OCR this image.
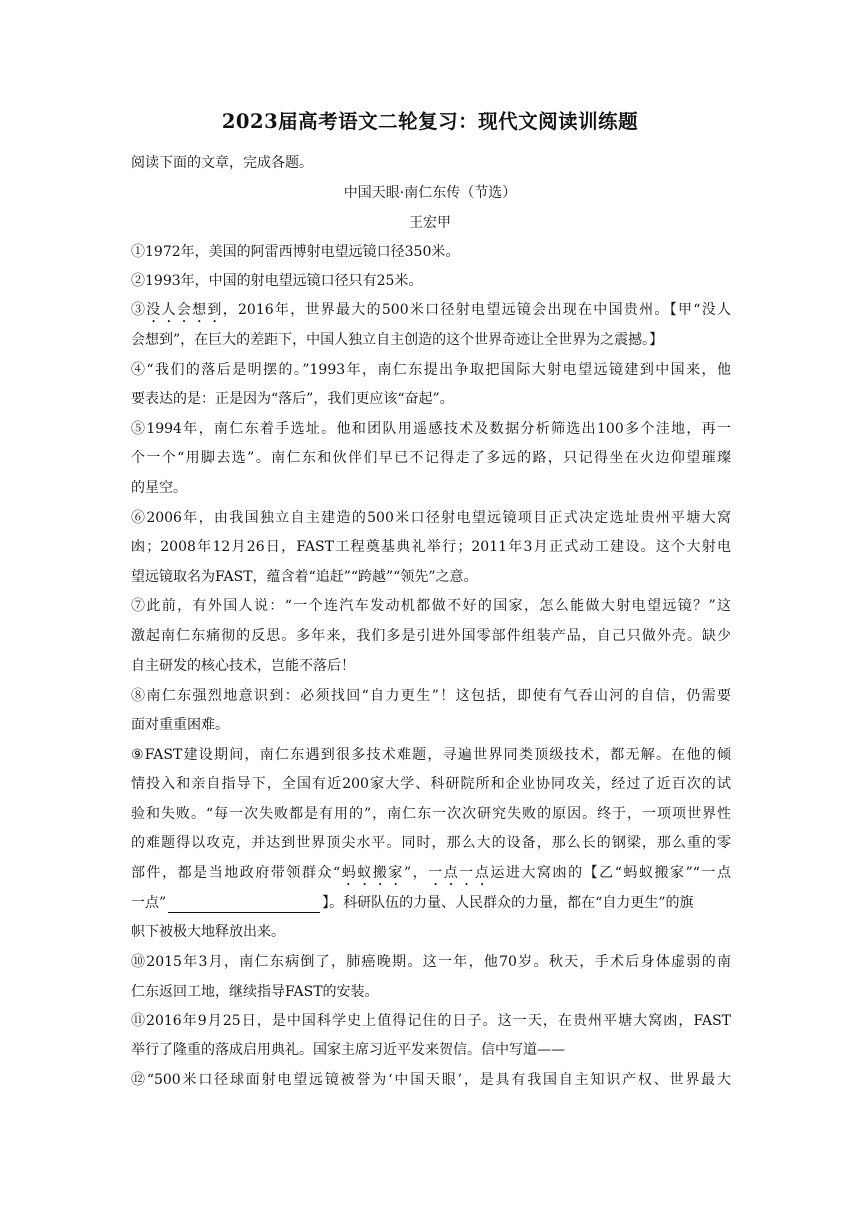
2023届高考语文二轮复习：现代文阅读训练题
阅读下面的文章，完成各题。
中国天眼·南仁东传（节选）
王宏甲
①1972年，美国的阿雷西博射电望远镜口径350米。
②1993年，中国的射电望远镜口径只有25米。
③没人会想到，2016年，世界最大的500米口径射电望远镜会出现在中国贵州。【甲“没人
会想到”，在巨大的差距下，中国人独立自主创造的这个世界奇迹让全世界为之震撼。】
④“我们的落后是明摆的。”1993年，南仁东提出争取把国际大射电望远镜建到中国来，他
要表达的是：正是因为“落后”，我们更应该“奋起”。
⑤1994年，南仁东着手选址。他和团队用遥感技术及数据分析筛选出100多个洼地，再一
个一个“用脚去选”。南仁东和伙伴们早已不记得走了多远的路，只记得坐在火边仰望璀璨
的星空。
⑥2006年，由我国独立自主建造的500米口径射电望远镜项目正式决定选址贵州平塘大窝
凼；2008年12月26日，FAST工程奠基典礼举行；2011年3月正式动工建设。这个大射电
望远镜取名为FAST，蕴含着“追赶”“跨越”“领先”之意。
⑦此前，有外国人说：“一个连汽车发动机都做不好的国家，怎么能做大射电望远镜？”这
激起南仁东痛彻的反思。多年来，我们多是引进外国零部件组装产品，自己只做外壳。缺少
自主研发的核心技术，岂能不落后！
⑧南仁东强烈地意识到：必须找回“自力更生”！这包括，即使有气吞山河的自信，仍需要
面对重重困难。
⑨FAST建设期间，南仁东遇到很多技术难题，寻遍世界同类顶级技术，都无解。在他的倾
情投入和亲自指导下，全国有近200家大学、科研院所和企业协同攻关，经过了近百次的试
验和失败。“每一次失败都是有用的”，南仁东一次次研究失败的原因。终于，一项项世界性
的难题得以攻克，并达到世界顶尖水平。同时，那么大的设备，那么长的钢梁，那么重的零
部件，都是当地政府带领群众“蚂蚁搬家”，一点一点运进大窝凼的【乙“蚂蚁搬家”“一点
一点”	】。科研队伍的力量、人民群众的力量，都在“自力更生”的旗
帜下被极大地释放出来。
⑩2015年3月，南仁东病倒了，肺癌晚期。这一年，他70岁。秋天，手术后身体虚弱的南
仁东返回工地，继续指导FAST的安装。
⑪2016年9月25日，是中国科学史上值得记住的日子。这一天，在贵州平塘大窝凼，FAST
举行了隆重的落成启用典礼。国家主席习近平发来贺信。信中写道——
⑫“500米口径球面射电望远镜被誉为‘中国天眼’，是具有我国自主知识产权、世界最大
